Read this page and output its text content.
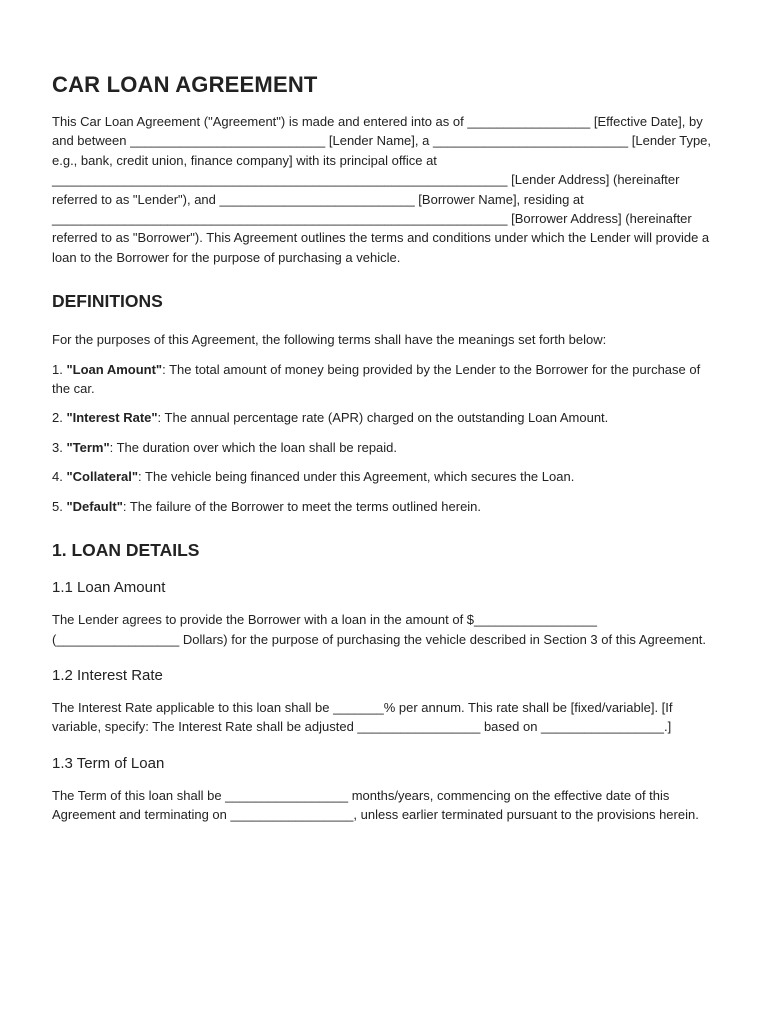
CAR LOAN AGREEMENT

This Car Loan Agreement ("Agreement") is made and entered into as of _________________ [Effective Date], by and between ___________________________ [Lender Name], a ___________________________ [Lender Type, e.g., bank, credit union, finance company] with its principal office at _______________________________________________________________ [Lender Address] (hereinafter referred to as "Lender"), and ___________________________ [Borrower Name], residing at _______________________________________________________________ [Borrower Address] (hereinafter referred to as "Borrower"). This Agreement outlines the terms and conditions under which the Lender will provide a loan to the Borrower for the purpose of purchasing a vehicle.

DEFINITIONS

For the purposes of this Agreement, the following terms shall have the meanings set forth below:

1. "Loan Amount": The total amount of money being provided by the Lender to the Borrower for the purchase of the car.

2. "Interest Rate": The annual percentage rate (APR) charged on the outstanding Loan Amount.

3. "Term": The duration over which the loan shall be repaid.

4. "Collateral": The vehicle being financed under this Agreement, which secures the Loan.

5. "Default": The failure of the Borrower to meet the terms outlined herein.

1. LOAN DETAILS
1.1 Loan Amount

The Lender agrees to provide the Borrower with a loan in the amount of $_________________ (_________________ Dollars) for the purpose of purchasing the vehicle described in Section 3 of this Agreement.

1.2 Interest Rate

The Interest Rate applicable to this loan shall be _______% per annum. This rate shall be [fixed/variable]. [If variable, specify: The Interest Rate shall be adjusted _________________ based on _________________.]

1.3 Term of Loan

The Term of this loan shall be _________________ months/years, commencing on the effective date of this Agreement and terminating on _________________, unless earlier terminated pursuant to the provisions herein.
